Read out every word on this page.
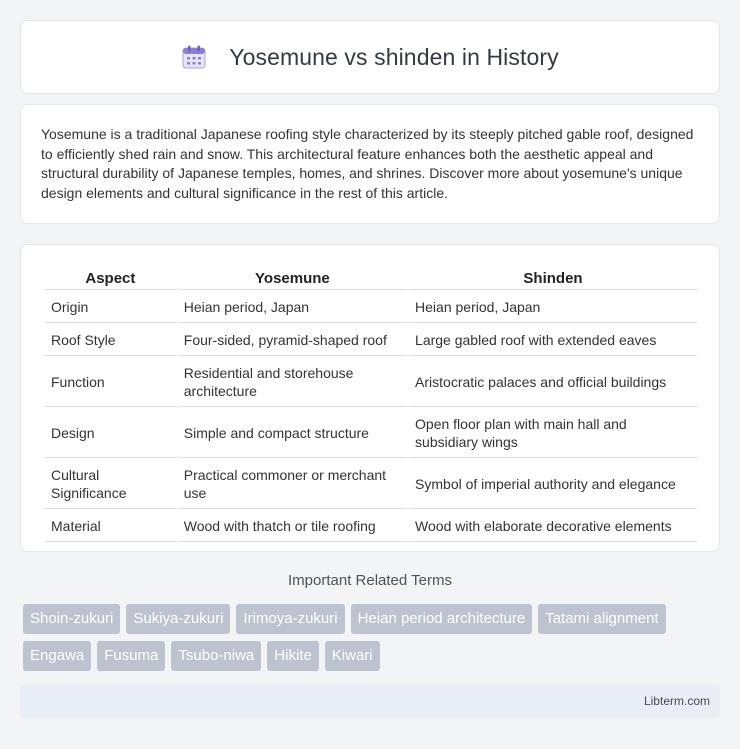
Yosemune vs shinden in History

Yosemune is a traditional Japanese roofing style characterized by its steeply pitched gable roof, designed to efficiently shed rain and snow. This architectural feature enhances both the aesthetic appeal and structural durability of Japanese temples, homes, and shrines. Discover more about yosemune's unique design elements and cultural significance in the rest of this article.

Aspect	Yosemune	Shinden
Origin	Heian period, Japan	Heian period, Japan
Roof Style	Four-sided, pyramid-shaped roof	Large gabled roof with extended eaves
Function	Residential and storehouse architecture	Aristocratic palaces and official buildings
Design	Simple and compact structure	Open floor plan with main hall and subsidiary wings
Cultural Significance	Practical commoner or merchant use	Symbol of imperial authority and elegance
Material	Wood with thatch or tile roofing	Wood with elaborate decorative elements
Important Related Terms
Shoin-zukuri	Sukiya-zukuri	Irimoya-zukuri	Heian period architecture	Tatami alignment
Engawa	Fusuma	Tsubo-niwa	Hikite	Kiwari
Libterm.com
